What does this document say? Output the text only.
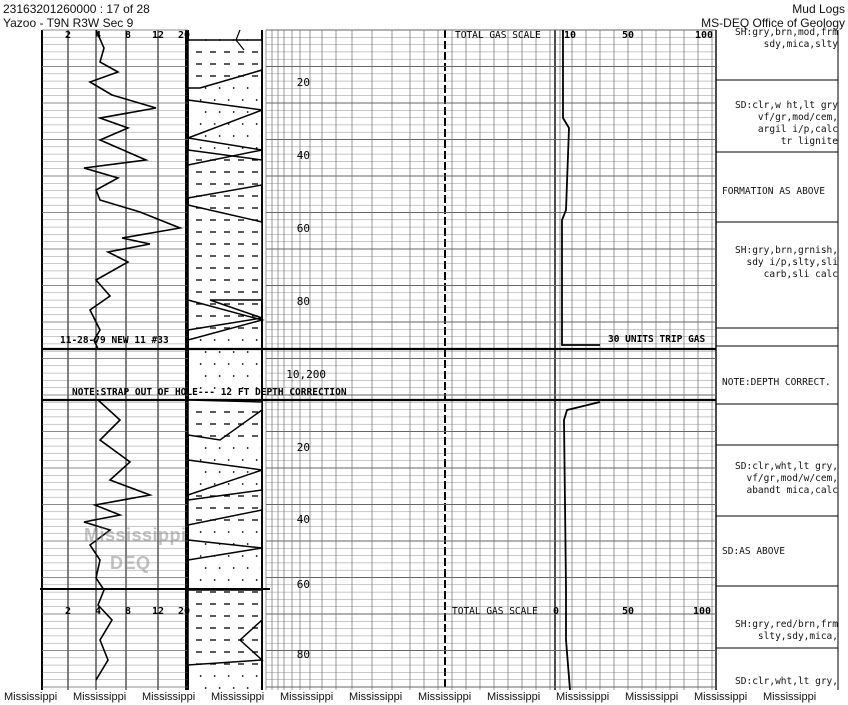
2 4 8 12 20
2 4 8 12 20
TOTAL GAS SCALE 10	50	100
TOTAL GAS SCALE 0	50	100
20
40
60
80
10,200
20
40
60
80
11-28-79 NEW 11 #33
NOTE:STRAP OUT OF HOLE--- 12 FT DEPTH CORRECTION
30 UNITS TRIP GAS
Mississippi
DEQ
23163201260000 : 17 of 28
Yazoo - T9N R3W Sec 9
Mud Logs
MS-DEQ Office of Geology
SH:gry,brn,mod,frm
sdy,mica,slty
SD:clr,w ht,lt gry
vf/gr,mod/cem,
argil i/p,calc
tr lignite
FORMATION AS ABOVE
SH:gry,brn,grnish,
sdy i/p,slty,sli
carb,sli calc
NOTE:DEPTH CORRECT.
SD:clr,wht,lt gry,
vf/gr,mod/w/cem,
abandt mica,calc
SD:AS ABOVE
SH:gry,red/brn,frm
slty,sdy,mica,
SD:clr,wht,lt gry,
Mississippi Mississippi Mississippi Mississippi Mississippi Mississippi Mississippi Mississippi Mississippi Mississippi Mississippi Mississippi
